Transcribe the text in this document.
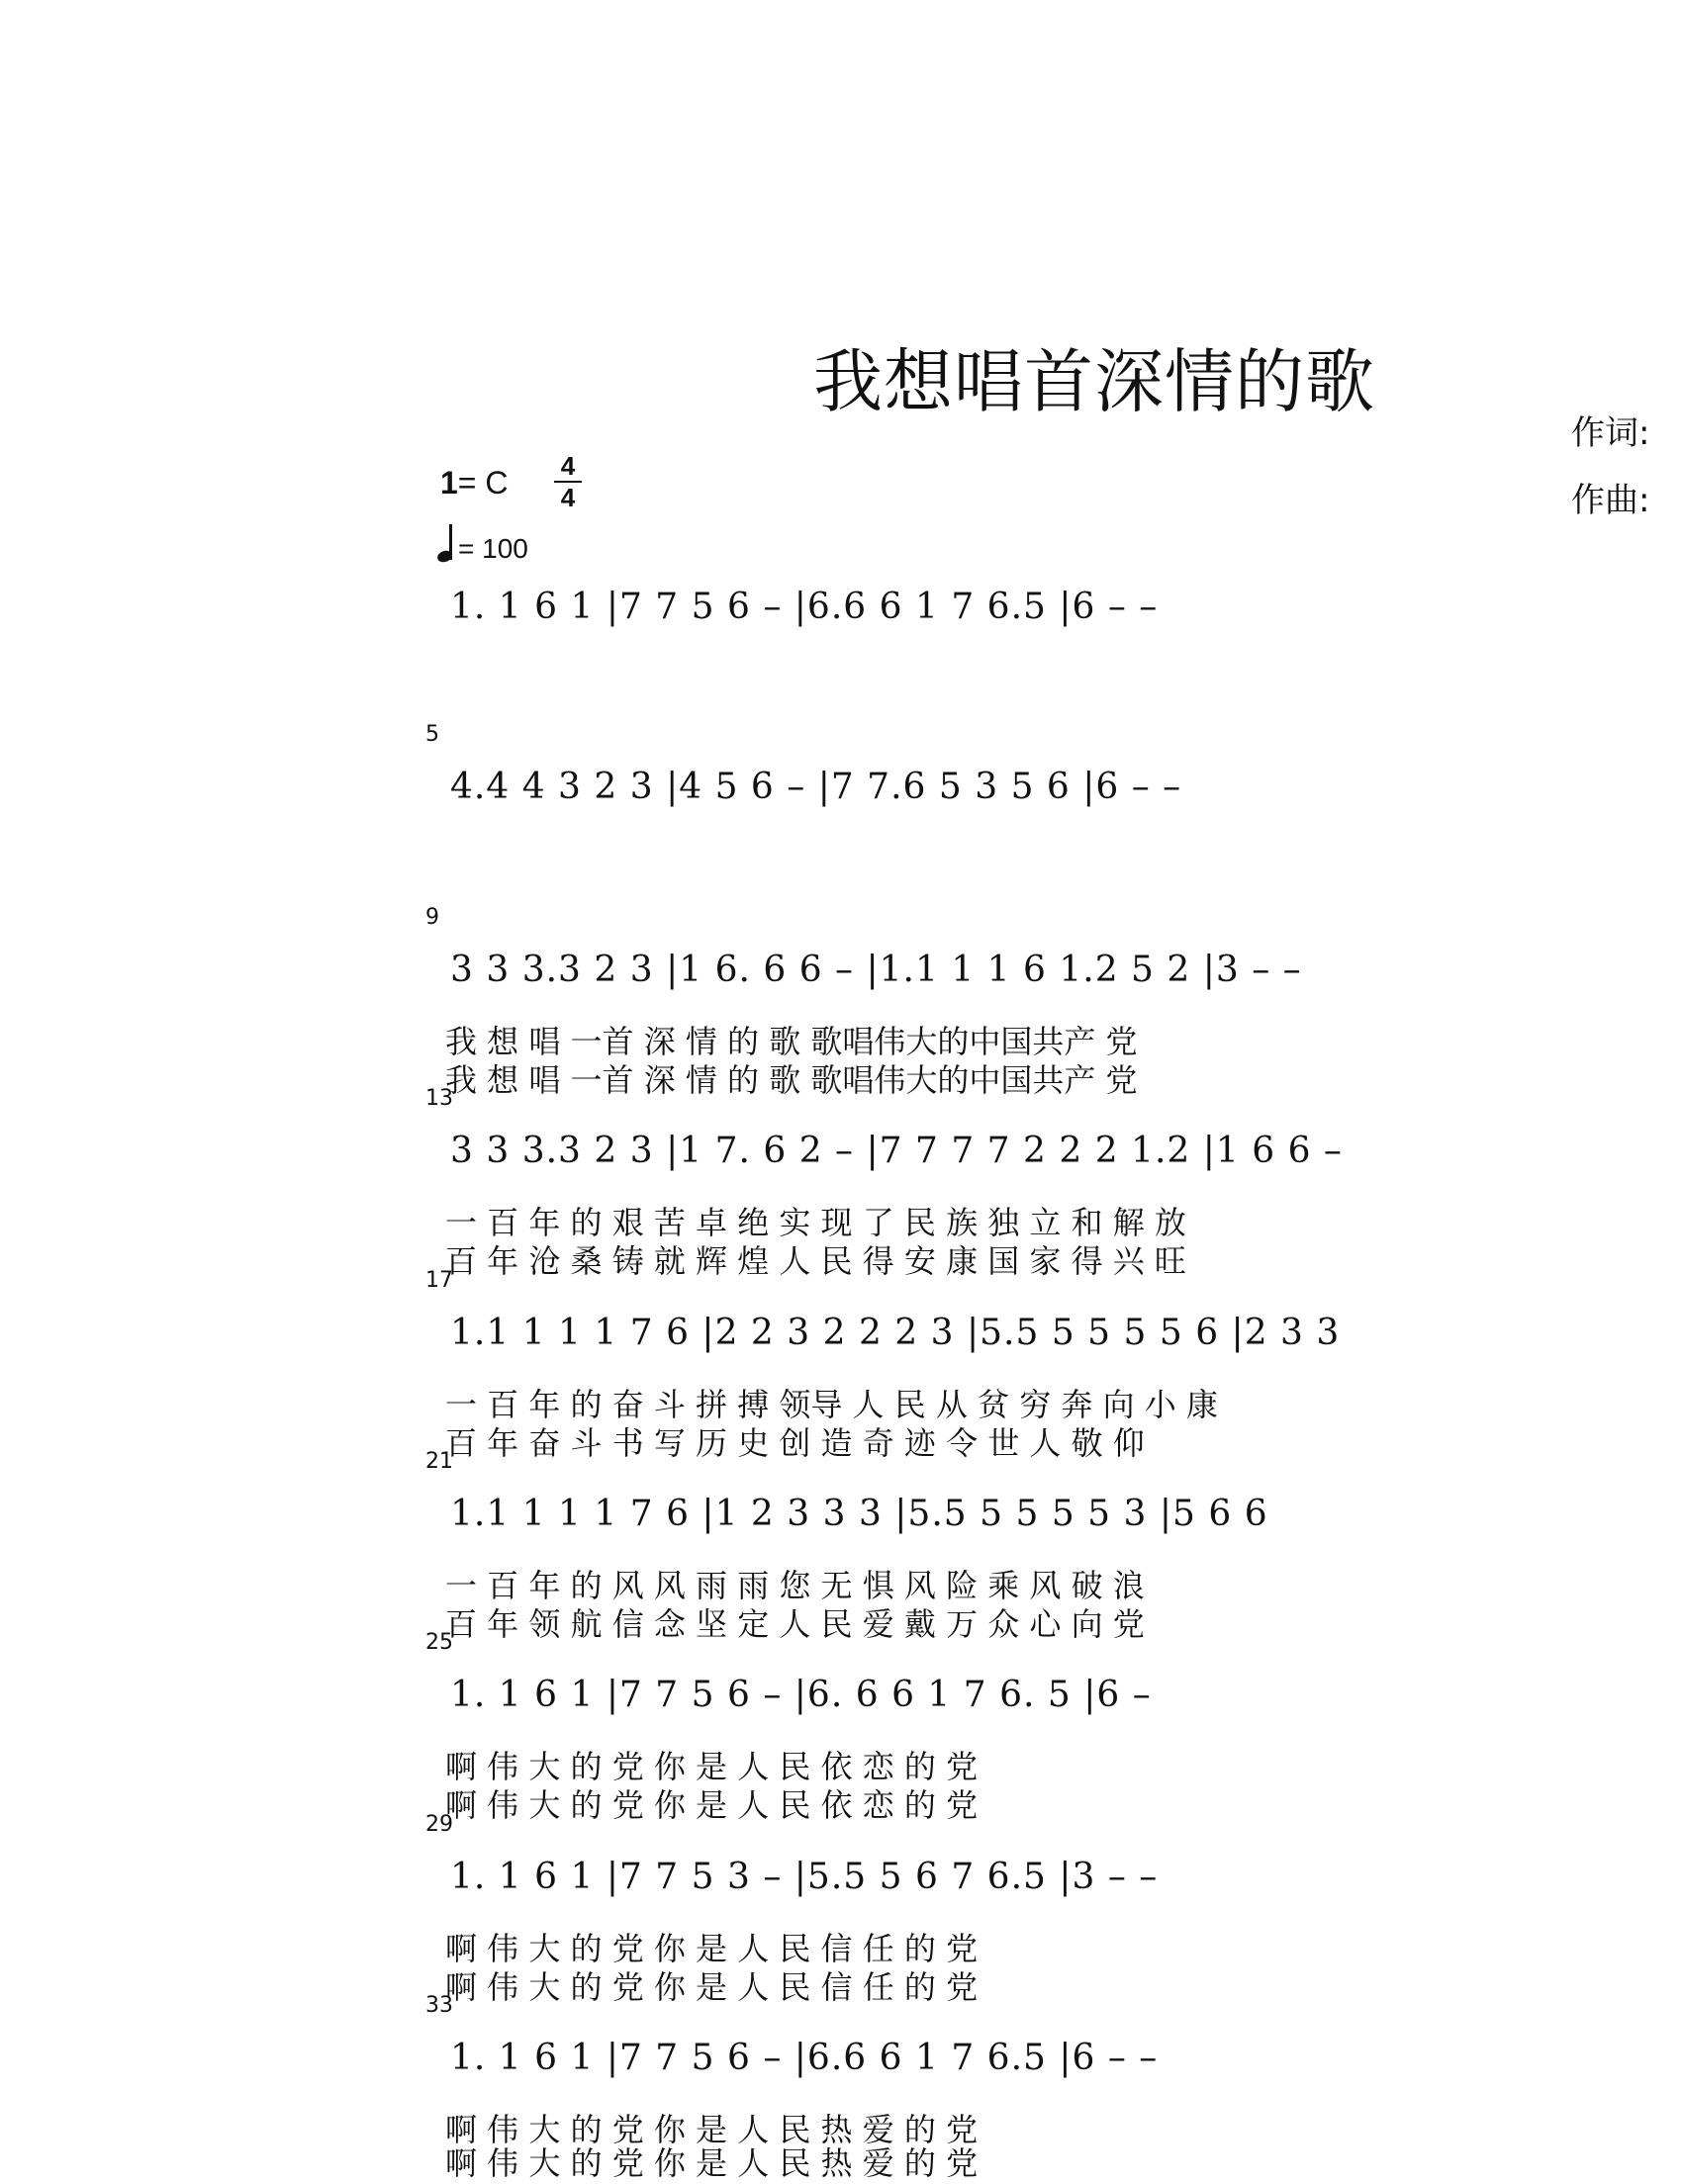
我想唱首深情的歌
作词:
作曲:
1= C 4
4
= 100
1. 1 6 1 |7 7 5 6 – |6.6 6 1 7 6.5 |6 – –
5
4.4 4 3 2 3 |4 5 6 – |7 7.6 5 3 5 6 |6 – –
9
3 3 3.3 2 3 |1 6. 6 6 – |1.1 1 1 6 1.2 5 2 |3 – –
我 想 唱 一首 深 情 的 歌 歌唱伟大的中国共产 党
我 想 唱 一首 深 情 的 歌 歌唱伟大的中国共产 党
13
3 3 3.3 2 3 |1 7. 6 2 – |7 7 7 7 2 2 2 1.2 |1 6 6 –
一 百 年 的 艰 苦 卓 绝 实 现 了 民 族 独 立 和 解 放
百 年 沧 桑 铸 就 辉 煌 人 民 得 安 康 国 家 得 兴 旺
17
1.1 1 1 1 7 6 |2 2 3 2 2 2 3 |5.5 5 5 5 5 6 |2 3 3
一 百 年 的 奋 斗 拼 搏 领导 人 民 从 贫 穷 奔 向 小 康
百 年 奋 斗 书 写 历 史 创 造 奇 迹 令 世 人 敬 仰
21
1.1 1 1 1 7 6 |1 2 3 3 3 |5.5 5 5 5 5 3 |5 6 6
一 百 年 的 风 风 雨 雨 您 无 惧 风 险 乘 风 破 浪
百 年 领 航 信 念 坚 定 人 民 爱 戴 万 众 心 向 党
25
1. 1 6 1 |7 7 5 6 – |6. 6 6 1 7 6. 5 |6 –
啊 伟 大 的 党 你 是 人 民 依 恋 的 党
啊 伟 大 的 党 你 是 人 民 依 恋 的 党
29
1. 1 6 1 |7 7 5 3 – |5.5 5 6 7 6.5 |3 – –
啊 伟 大 的 党 你 是 人 民 信 任 的 党
啊 伟 大 的 党 你 是 人 民 信 任 的 党
33
1. 1 6 1 |7 7 5 6 – |6.6 6 1 7 6.5 |6 – –
啊 伟 大 的 党 你 是 人 民 热 爱 的 党
啊 伟 大 的 党 你 是 人 民 热 爱 的 党
